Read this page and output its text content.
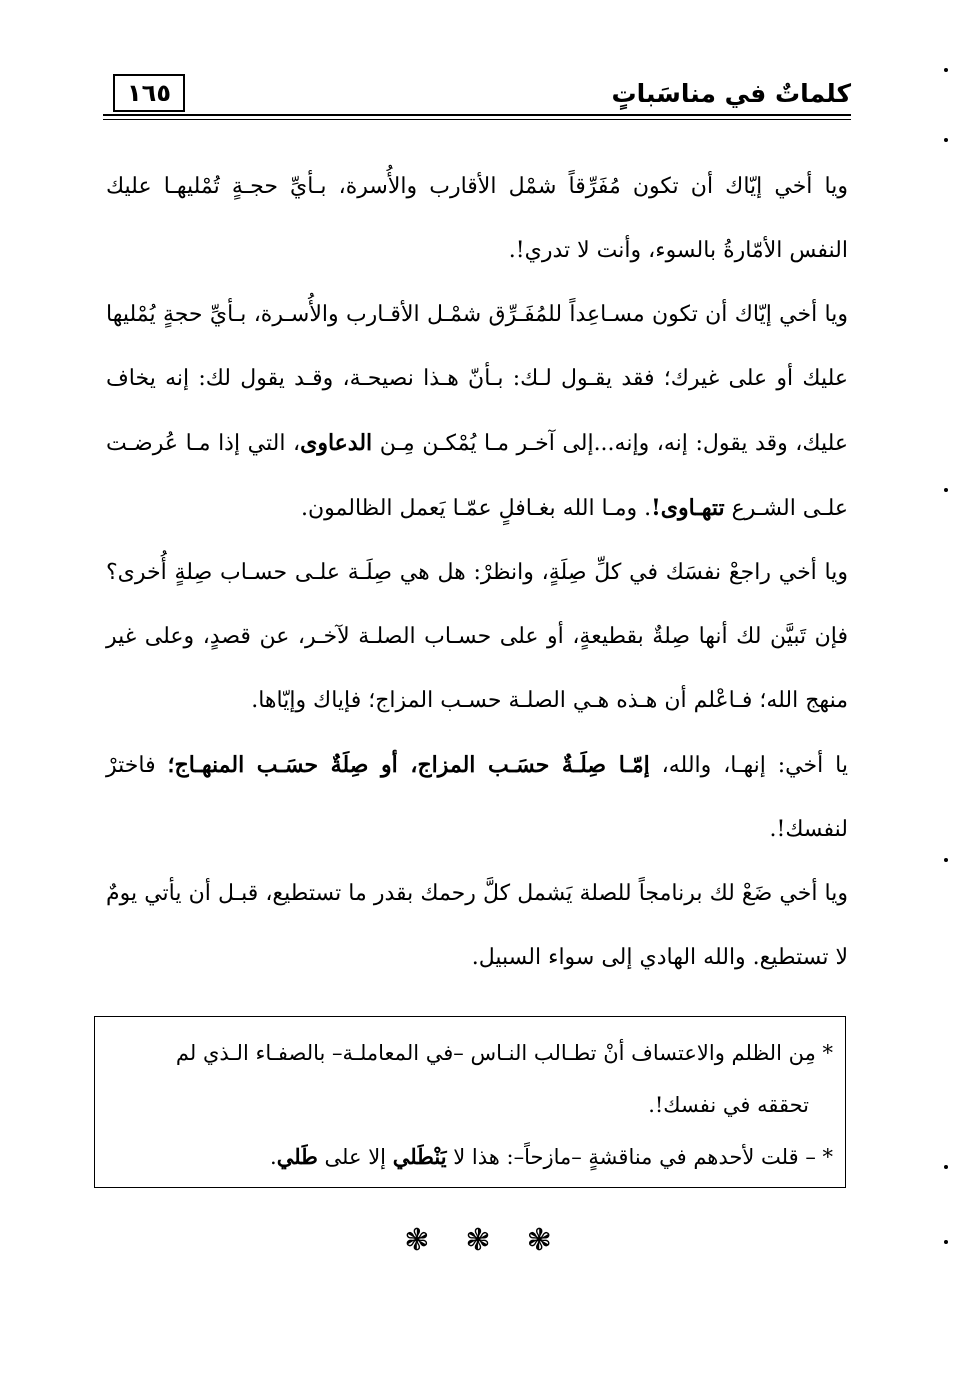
١٦٥	كلماتٌ في مناسَباتٍ

ويا أخي إيّاك أن تكون مُفَرِّقاً شمْل الأقارب والأُسرة، بـأيِّ حجـةٍ تُمْليهـا عليك النفس الأمّارةُ بالسوء، وأنت لا تدري!.

ويا أخي إيّاك أن تكون مسـاعِداً للمُفَـرِّق شمْـل الأقـارب والأُسـرة، بـأيِّ حجةٍ يُمْليها عليك أو على غيرك؛ فقد يقـول لـك: بـأنّ هـذا نصيحـة، وقـد يقول لك: إنه يخاف عليك، وقد يقول: إنه، وإنه...إلى آخـر مـا يُمْكـن مِـن الدعاوى، التي إذا مـا عُرضـت علـى الشـرع تتهـاوى!. ومـا الله بغـافلٍ عمّـا يَعمل الظالمون.

ويا أخي راجعْ نفسَك في كلِّ صِلَةٍ، وانظرْ: هل هي صِلَـة علـى حسـاب صِلةٍ أُخرى؟ فإن تَبيَّن لك أنها صِلةٌ بقطيعةٍ، أو على حسـاب الصلـة لآخـر، عن قصدٍ، وعلى غير منهج الله؛ فـاعْلم أن هـذه هـي الصلـة حسـب المزاج؛ فإياك وإيّاها.

يا أخي: إنهـا، والله، إمّـا صِلَـةٌ حسَـب المزاج، أو صِلَةٌ حسَـب المنهـاج؛ فاخترْ لنفسك!.

ويا أخي ضَعْ لك برنامجاً للصلة يَشمل كلَّ رحمك بقدر ما تستطيع، قبـل أن يأتي يومٌ لا تستطيع. والله الهادي إلى سواء السبيل.

* مِن الظلم والاعتساف أنْ تطـالب النـاس –في المعاملـة– بالصفـاء الـذي لم

تحققه في نفسك!.

* – قلت لأحدهم في مناقشةٍ –مازحاً–: هذا لا يَنْطَلي إلا على طَلي.

❃ ❃ ❃
